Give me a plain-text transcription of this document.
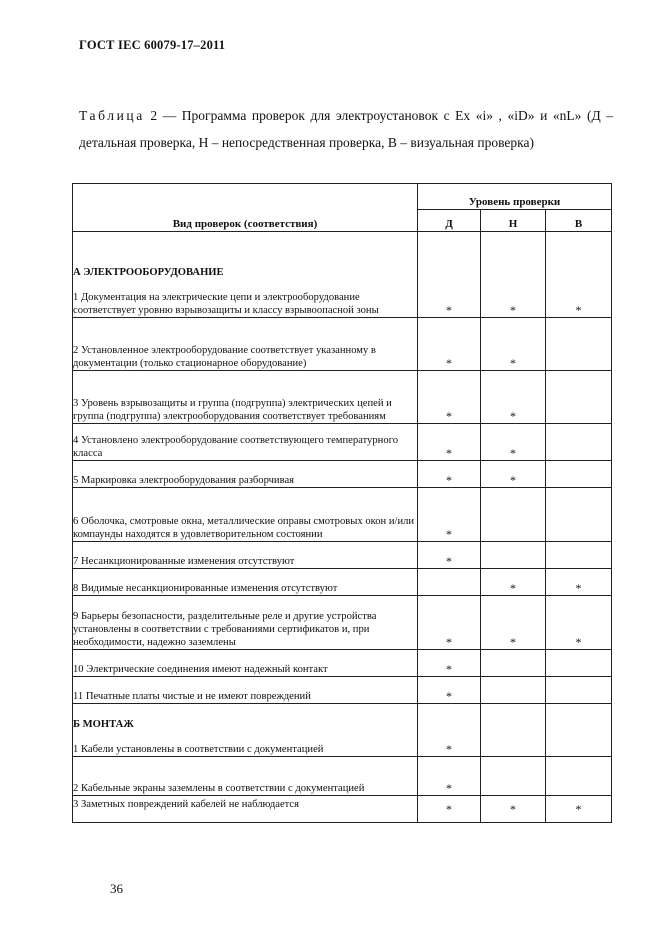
ГОСТ IEC 60079-17–2011
Таблица 2 — Программа проверок для электроустановок с Ex «i» , «iD» и «nL» (Д – детальная проверка, Н – непосредственная проверка, В – визуальная проверка)
Вид проверок (соответствия)	Уровень проверки		
	Д	Н	В

А ЭЛЕКТРООБОРУДОВАНИЕ
1 Документация на электрические цепи и электрооборудование соответствует уровню взрывозащиты и классу взрывоопасной зоны	*	*	*
2 Установленное электрооборудование соответствует указанному в документации (только стационарное оборудование)	*	*	
3 Уровень взрывозащиты и группа (подгруппа) электрических цепей и группа (подгруппа) электрооборудования соответствует требованиям	*	*	
4 Установлено электрооборудование соответствующего температурного класса	*	*	
5 Маркировка электрооборудования разборчивая	*	*	
6 Оболочка, смотровые окна, металлические оправы смотровых окон и/или компаунды находятся в удовлетворительном состоянии	*		
7 Несанкционированные изменения отсутствуют	*		
8 Видимые несанкционированные изменения отсутствуют		*	*
9 Барьеры безопасности, разделительные реле и другие устройства установлены в соответствии с требованиями сертификатов и, при необходимости, надежно заземлены	*	*	*
10 Электрические соединения имеют надежный контакт	*		
11 Печатные платы чистые и не имеют повреждений	*		

Б МОНТАЖ
1 Кабели установлены в соответствии с документацией	*		
2 Кабельные экраны заземлены в соответствии с документацией	*		
3 Заметных повреждений кабелей не наблюдается	*	*	*
36
